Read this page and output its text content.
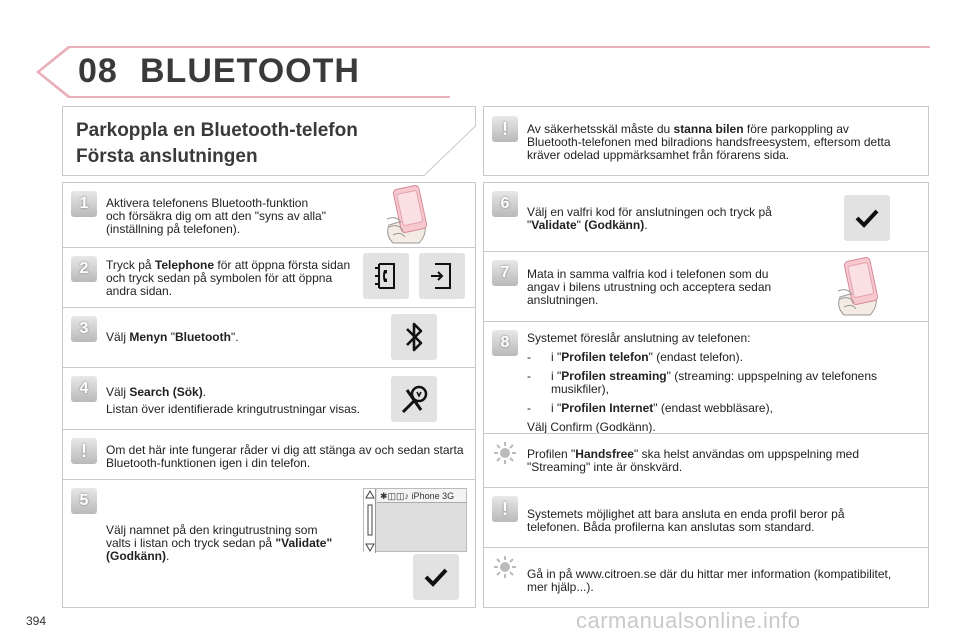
08 BLUETOOTH
Parkoppla en Bluetooth-telefon
Första anslutningen
!	Av säkerhetsskäl måste du stanna bilen före parkoppling av
Bluetooth-telefonen med bilradions handsfreesystem, eftersom detta
kräver odelad uppmärksamhet från förarens sida.
1	Aktivera telefonens Bluetooth-funktion
och försäkra dig om att den "syns av alla"
(inställning på telefonen).
2	Tryck på Telephone för att öppna första sidan
och tryck sedan på symbolen för att öppna
andra sidan.
3	Välj Menyn "Bluetooth".
4	Välj Search (Sök).
Listan över identifierade kringutrustningar visas.
!	Om det här inte fungerar råder vi dig att stänga av och sedan starta
Bluetooth-funktionen igen i din telefon.
5
Välj namnet på den kringutrustning som
valts i listan och tryck sedan på "Validate"
(Godkänn).
✱◫◫♪ iPhone 3G
6	Välj en valfri kod för anslutningen och tryck på
"Validate" (Godkänn).
7	Mata in samma valfria kod i telefonen som du
angav i bilens utrustning och acceptera sedan
anslutningen.
8	Systemet föreslår anslutning av telefonen:
- i "Profilen telefon" (endast telefon).
- i "Profilen streaming" (streaming: uppspelning av telefonens
musikfiler),
- i "Profilen Internet" (endast webbläsare),
Välj Confirm (Godkänn).
Profilen "Handsfree" ska helst användas om uppspelning med
"Streaming" inte är önskvärd.
!	Systemets möjlighet att bara ansluta en enda profil beror på
telefonen. Båda profilerna kan anslutas som standard.
Gå in på www.citroen.se där du hittar mer information (kompatibilitet,
mer hjälp...).
394	carmanualsonline.info
